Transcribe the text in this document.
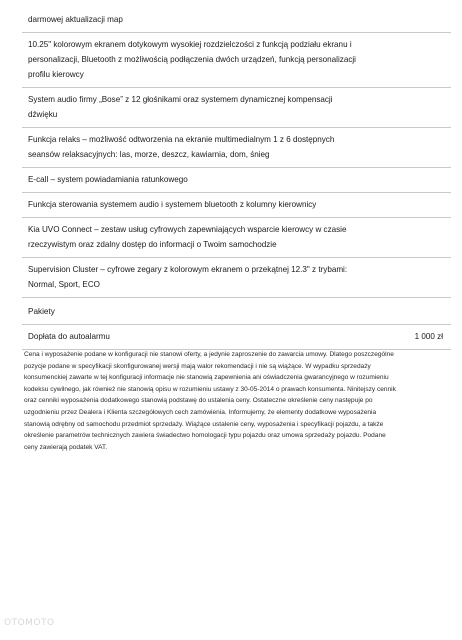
darmowej aktualizacji map
10.25" kolorowym ekranem dotykowym wysokiej rozdzielczości z funkcją podziału ekranu i
personalizacji, Bluetooth z możliwością podłączenia dwóch urządzeń, funkcją personalizacji
profilu kierowcy
System audio firmy „Bose” z 12 głośnikami oraz systemem dynamicznej kompensacji
dźwięku
Funkcja relaks – możliwość odtworzenia na ekranie multimedialnym 1 z 6 dostępnych
seansów relaksacyjnych: las, morze, deszcz, kawiarnia, dom, śnieg
E-call – system powiadamiania ratunkowego
Funkcja sterowania systemem audio i systemem bluetooth z kolumny kierownicy
Kia UVO Connect – zestaw usług cyfrowych zapewniających wsparcie kierowcy w czasie
rzeczywistym oraz zdalny dostęp do informacji o Twoim samochodzie
Supervision Cluster – cyfrowe zegary z kolorowym ekranem o przekątnej 12.3" z trybami:
Normal, Sport, ECO
Pakiety
Dopłata do autoalarmu	1 000 zł
Cena i wyposażenie podane w konfiguracji nie stanowi oferty, a jedynie zaproszenie do zawarcia umowy. Dlatego poszczególne
pozycje podane w specyfikacji skonfigurowanej wersji mają walor rekomendacji i nie są wiążące. W wypadku sprzedaży
konsumenckiej zawarte w tej konfiguracji informacje nie stanowią zapewnienia ani oświadczenia gwarancyjnego w rozumieniu
kodeksu cywilnego, jak również nie stanowią opisu w rozumieniu ustawy z 30-05-2014 o prawach konsumenta. Ninitejszy cennik
oraz cenniki wyposażenia dodatkowego stanowią podstawę do ustalenia ceny. Ostateczne określenie ceny następuje po
uzgodnieniu przez Dealera i Klienta szczegółowych cech zamówienia. Informujemy, że elementy dodatkowe wyposażenia
stanowią odrębny od samochodu przedmiot sprzedaży. Wiążące ustalenie ceny, wyposażenia i specyfikacji pojazdu, a także
określenie parametrów technicznych zawiera świadectwo homologacji typu pojazdu oraz umowa sprzedaży pojazdu. Podane
ceny zawierają podatek VAT.
OTOMOTO
